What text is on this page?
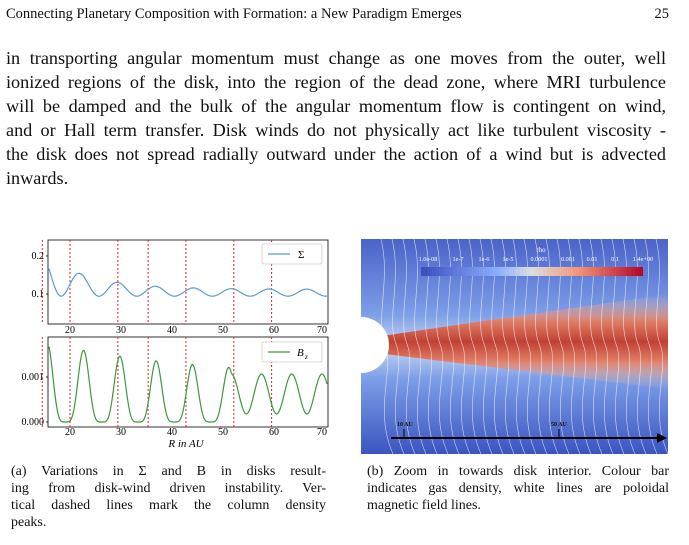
Connecting Planetary Composition with Formation: a New Paradigm Emerges	25
in transporting angular momentum must change as one moves from the outer, well
ionized regions of the disk, into the region of the dead zone, where MRI turbulence
will be damped and the bulk of the angular momentum flow is contingent on wind,
and or Hall term transfer. Disk winds do not physically act like turbulent viscosity -
the disk does not spread radially outward under the action of a wind but is advected
inwards.
0.2
0.1
20	30	40	50	60	70
Σ
0.001
0.000
20	30	40	50	60	70
R in AU
B z
rho
1.0e-08 1e-7 1e-6 1e-5	0.0001 0.001 0.01 0.1 1.4e+00
10 AU	50 AU
(a) Variations in Σ and B in disks result-
ing from disk-wind driven instability. Ver-
tical dashed lines mark the column density
peaks.
(b) Zoom in towards disk interior. Colour bar
indicates gas density, white lines are poloidal
magnetic field lines.
